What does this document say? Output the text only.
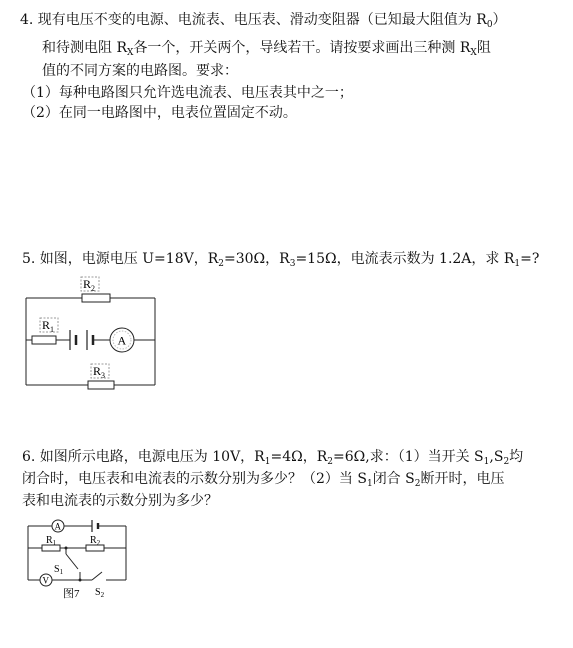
4. 现有电压不变的电源、电流表、电压表、滑动变阻器（已知最大阻值为 $R_0$）
和待测电阻 $R_X$各一个，开关两个，导线若干。请按要求画出三种测 $R_X$阻
值的不同方案的电路图。要求：
（1）每种电路图只允许选电流表、电压表其中之一；
（2）在同一电路图中，电表位置固定不动。
5. 如图，电源电压 U=18V，$R_2=30\Omega$，$R_3=15\Omega$，电流表示数为 1.2A，求 $R_1=$?
$R_2$
$R_1$
A
$R_3$
6. 如图所示电路，电源电压为 10V，$R_1=4\Omega$，$R_2=6\Omega$,求：（1）当开关 $S_1,S_2$均
闭合时，电压表和电流表的示数分别为多少？（2）当 $S_1$闭合 $S_2$断开时，电压
表和电流表的示数分别为多少？
A
$R_1$	$R_2$
$S_1$
V
$S_2$
图7
